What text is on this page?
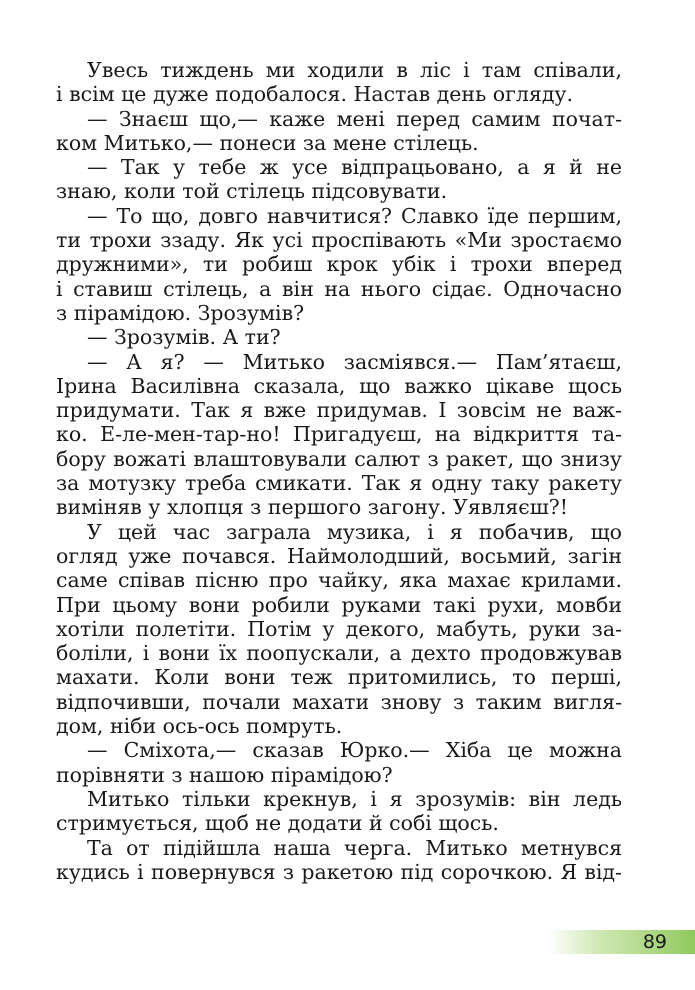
Увесь тиждень ми ходили в ліс і там співали,
і всім це дуже подобалося. Настав день огляду.
— Знаєш що,— каже мені перед самим почат-
ком Митько,— понеси за мене стілець.
— Так у тебе ж усе відпрацьовано, а я й не
знаю, коли той стілець підсовувати.
— То що, довго навчитися? Славко їде першим,
ти трохи ззаду. Як усі проспівають «Ми зростаємо
дружними», ти робиш крок убік і трохи вперед
і ставиш стілець, а він на нього сідає. Одночасно
з пірамідою. Зрозумів?
— Зрозумів. А ти?
— А я? — Митько засміявся.— Пам’ятаєш,
Ірина Василівна сказала, що важко цікаве щось
придумати. Так я вже придумав. І зовсім не важ-
ко. Е-ле-мен-тар-но! Пригадуєш, на відкриття та-
бору вожаті влаштовували салют з ракет, що знизу
за мотузку треба смикати. Так я одну таку ракету
виміняв у хлопця з першого загону. Уявляєш?!
У цей час заграла музика, і я побачив, що
огляд уже почався. Наймолодший, восьмий, загін
саме співав пісню про чайку, яка махає крилами.
При цьому вони робили руками такі рухи, мовби
хотіли полетіти. Потім у декого, мабуть, руки за-
боліли, і вони їх поопускали, а дехто продовжував
махати. Коли вони теж притомились, то перші,
відпочивши, почали махати знову з таким вигля-
дом, ніби ось-ось помруть.
— Сміхота,— сказав Юрко.— Хіба це можна
порівняти з нашою пірамідою?
Митько тільки крекнув, і я зрозумів: він ледь
стримується, щоб не додати й собі щось.
Та от підійшла наша черга. Митько метнувся
кудись і повернувся з ракетою під сорочкою. Я від-
89
